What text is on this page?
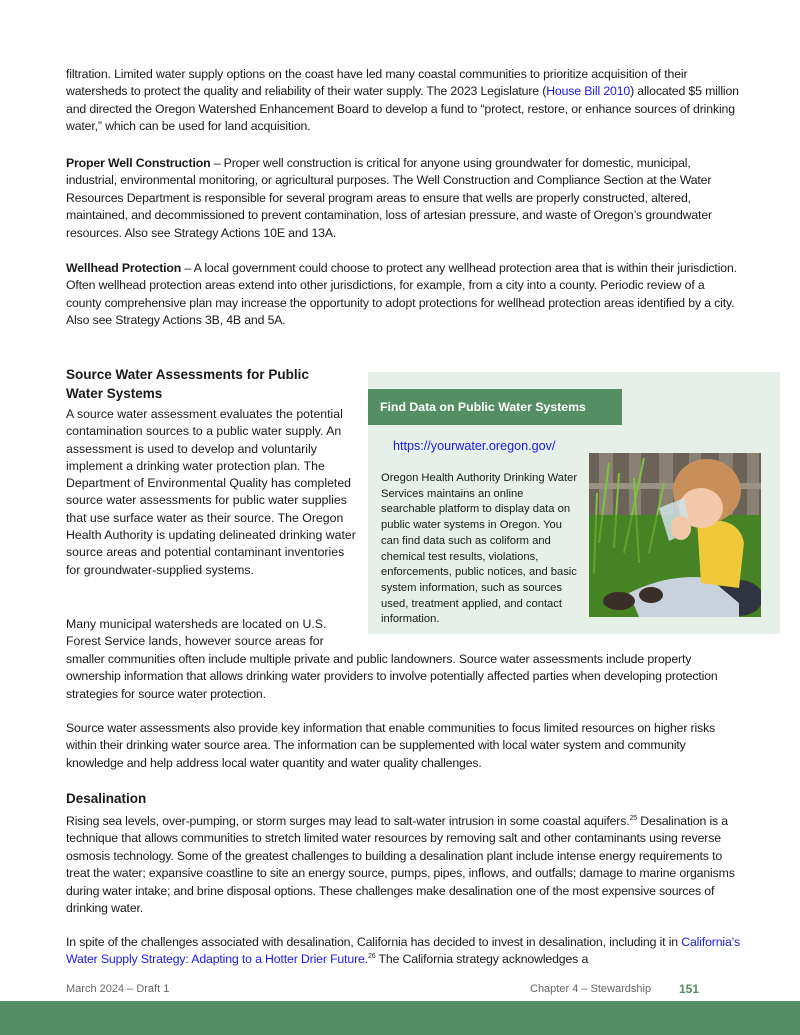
filtration. Limited water supply options on the coast have led many coastal communities to prioritize acquisition of their watersheds to protect the quality and reliability of their water supply. The 2023 Legislature (House Bill 2010) allocated $5 million and directed the Oregon Watershed Enhancement Board to develop a fund to “protect, restore, or enhance sources of drinking water,” which can be used for land acquisition.

Proper Well Construction – Proper well construction is critical for anyone using groundwater for domestic, municipal, industrial, environmental monitoring, or agricultural purposes. The Well Construction and Compliance Section at the Water Resources Department is responsible for several program areas to ensure that wells are properly constructed, altered, maintained, and decommissioned to prevent contamination, loss of artesian pressure, and waste of Oregon’s groundwater resources. Also see Strategy Actions 10E and 13A.

Wellhead Protection – A local government could choose to protect any wellhead protection area that is within their jurisdiction. Often wellhead protection areas extend into other jurisdictions, for example, from a city into a county. Periodic review of a county comprehensive plan may increase the opportunity to adopt protections for wellhead protection areas identified by a city. Also see Strategy Actions 3B, 4B and 5A.

Source Water Assessments for Public Water Systems

A source water assessment evaluates the potential contamination sources to a public water supply. An assessment is used to develop and voluntarily implement a drinking water protection plan. The Department of Environmental Quality has completed source water assessments for public water supplies that use surface water as their source. The Oregon Health Authority is updating delineated drinking water source areas and potential contaminant inventories for groundwater-supplied systems.

Many municipal watersheds are located on U.S. Forest Service lands, however source areas for

smaller communities often include multiple private and public landowners. Source water assessments include property ownership information that allows drinking water providers to involve potentially affected parties when developing protection strategies for source water protection.

Source water assessments also provide key information that enable communities to focus limited resources on higher risks within their drinking water source area. The information can be supplemented with local water system and community knowledge and help address local water quantity and water quality challenges.

Find Data on Public Water Systems
https://yourwater.oregon.gov/

Oregon Health Authority Drinking Water Services maintains an online searchable platform to display data on public water systems in Oregon. You can find data such as coliform and chemical test results, violations, enforcements, public notices, and basic system information, such as sources used, treatment applied, and contact information.

Desalination

Rising sea levels, over-pumping, or storm surges may lead to salt-water intrusion in some coastal aquifers.$^{25}$ Desalination is a technique that allows communities to stretch limited water resources by removing salt and other contaminants using reverse osmosis technology. Some of the greatest challenges to building a desalination plant include intense energy requirements to treat the water; expansive coastline to site an energy source, pumps, pipes, inflows, and outfalls; damage to marine organisms during water intake; and brine disposal options. These challenges make desalination one of the most expensive sources of drinking water.

In spite of the challenges associated with desalination, California has decided to invest in desalination, including it in California’s Water Supply Strategy: Adapting to a Hotter Drier Future.$^{26}$ The California strategy acknowledges a

March 2024 – Draft 1	Chapter 4 – Stewardship 151
